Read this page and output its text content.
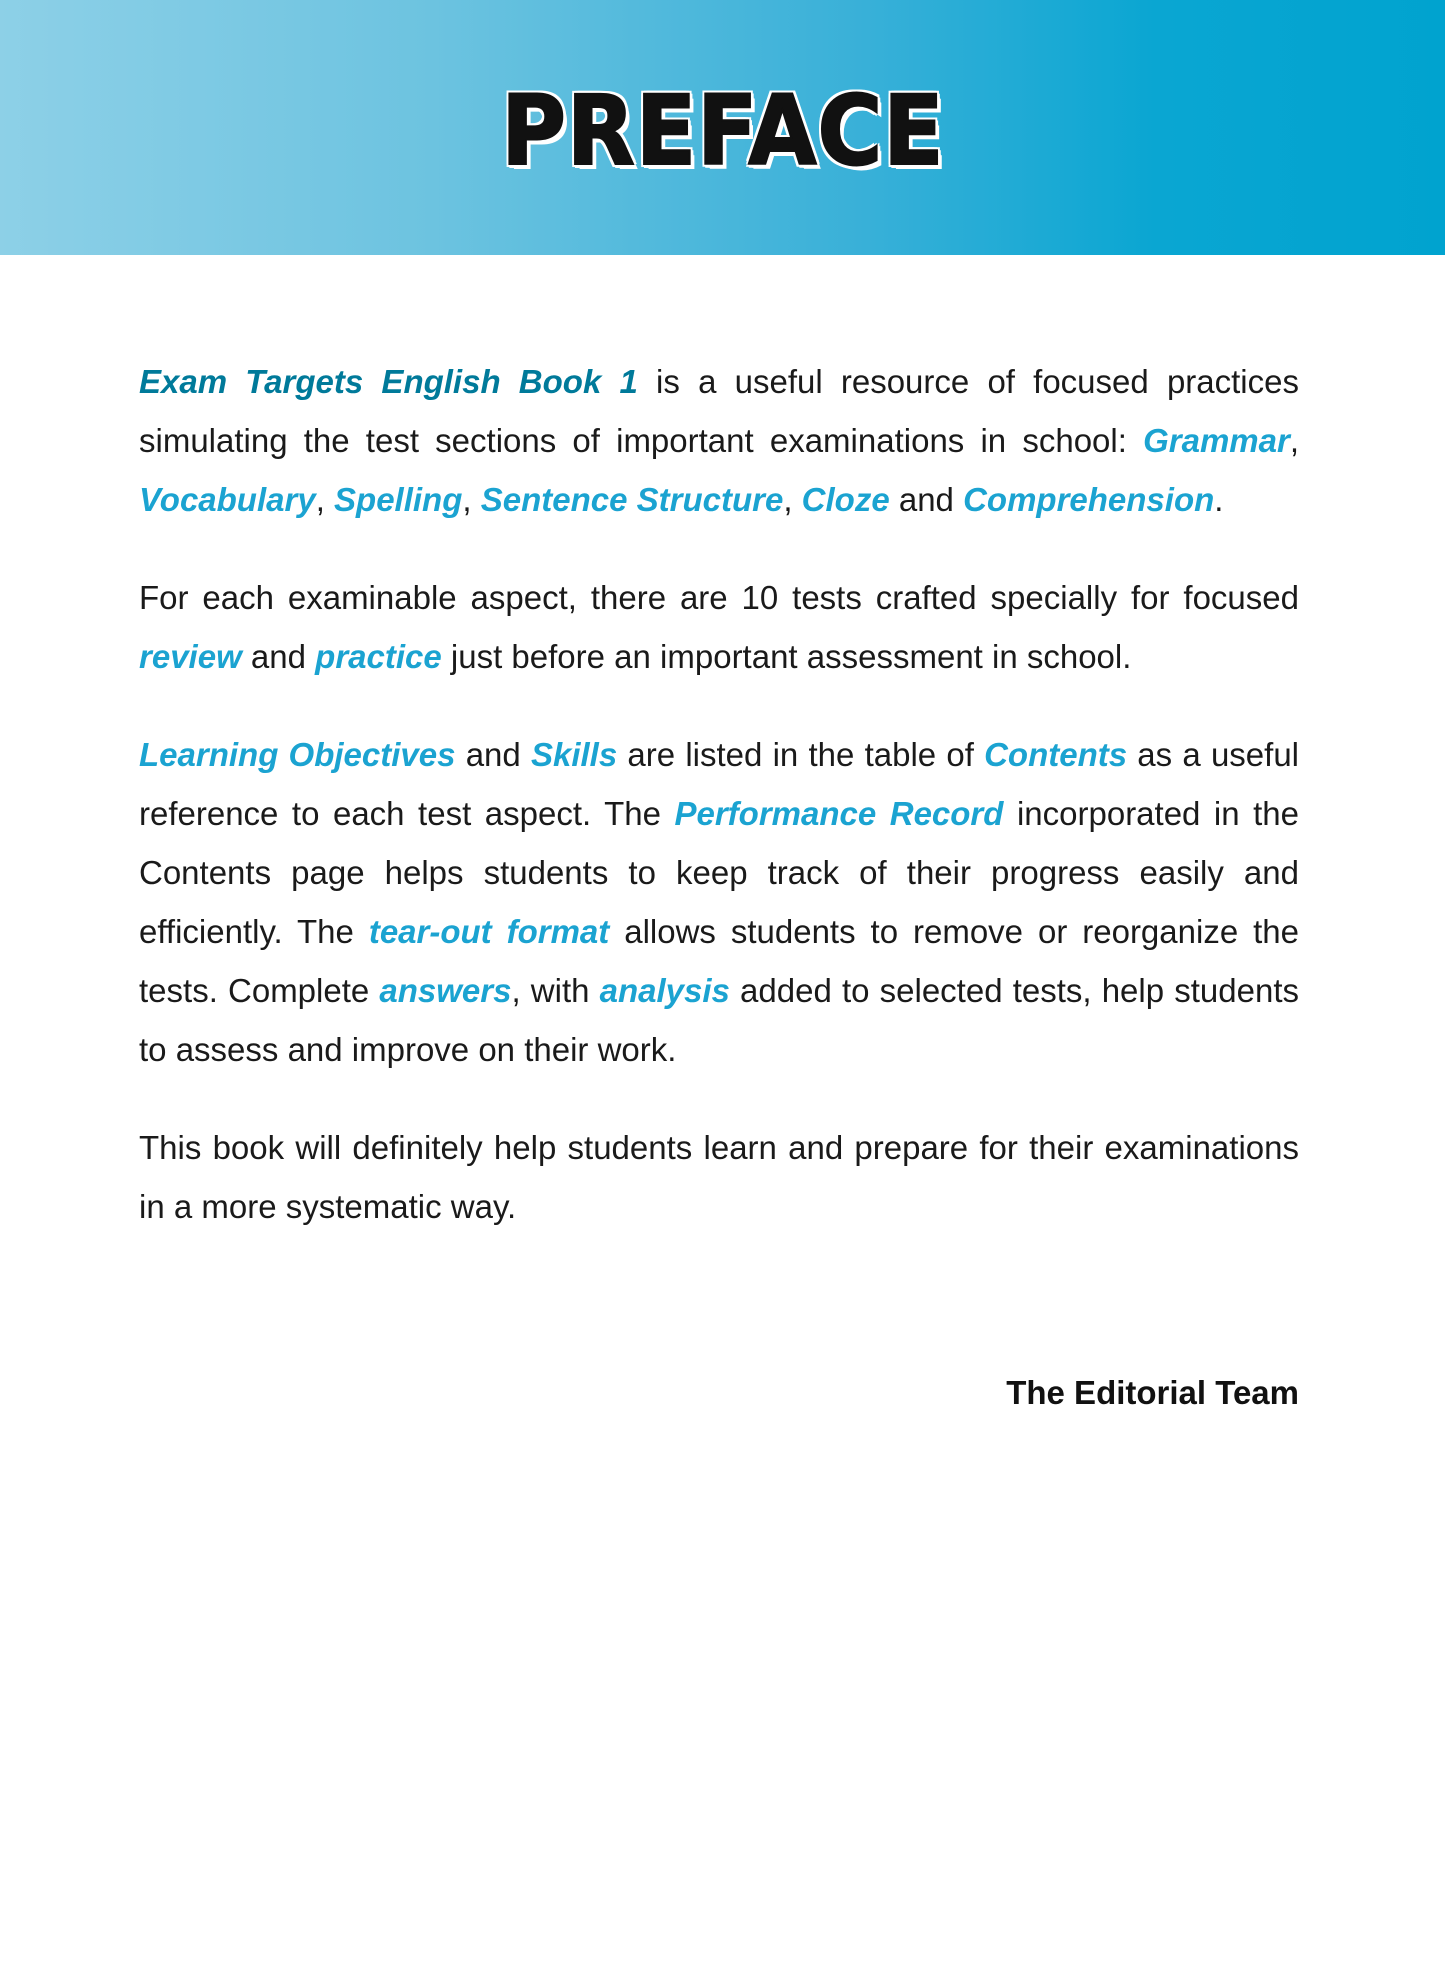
PREFACE

Exam Targets English Book 1 is a useful resource of focused practices simulating the test sections of important examinations in school: Grammar, Vocabulary, Spelling, Sentence Structure, Cloze and Comprehension.

For each examinable aspect, there are 10 tests crafted specially for focused review and practice just before an important assessment in school.

Learning Objectives and Skills are listed in the table of Contents as a useful reference to each test aspect. The Performance Record incorporated in the Contents page helps students to keep track of their progress easily and efficiently. The tear-out format allows students to remove or reorganize the tests. Complete answers, with analysis added to selected tests, help students to assess and improve on their work.

This book will definitely help students learn and prepare for their examinations in a more systematic way.

The Editorial Team
